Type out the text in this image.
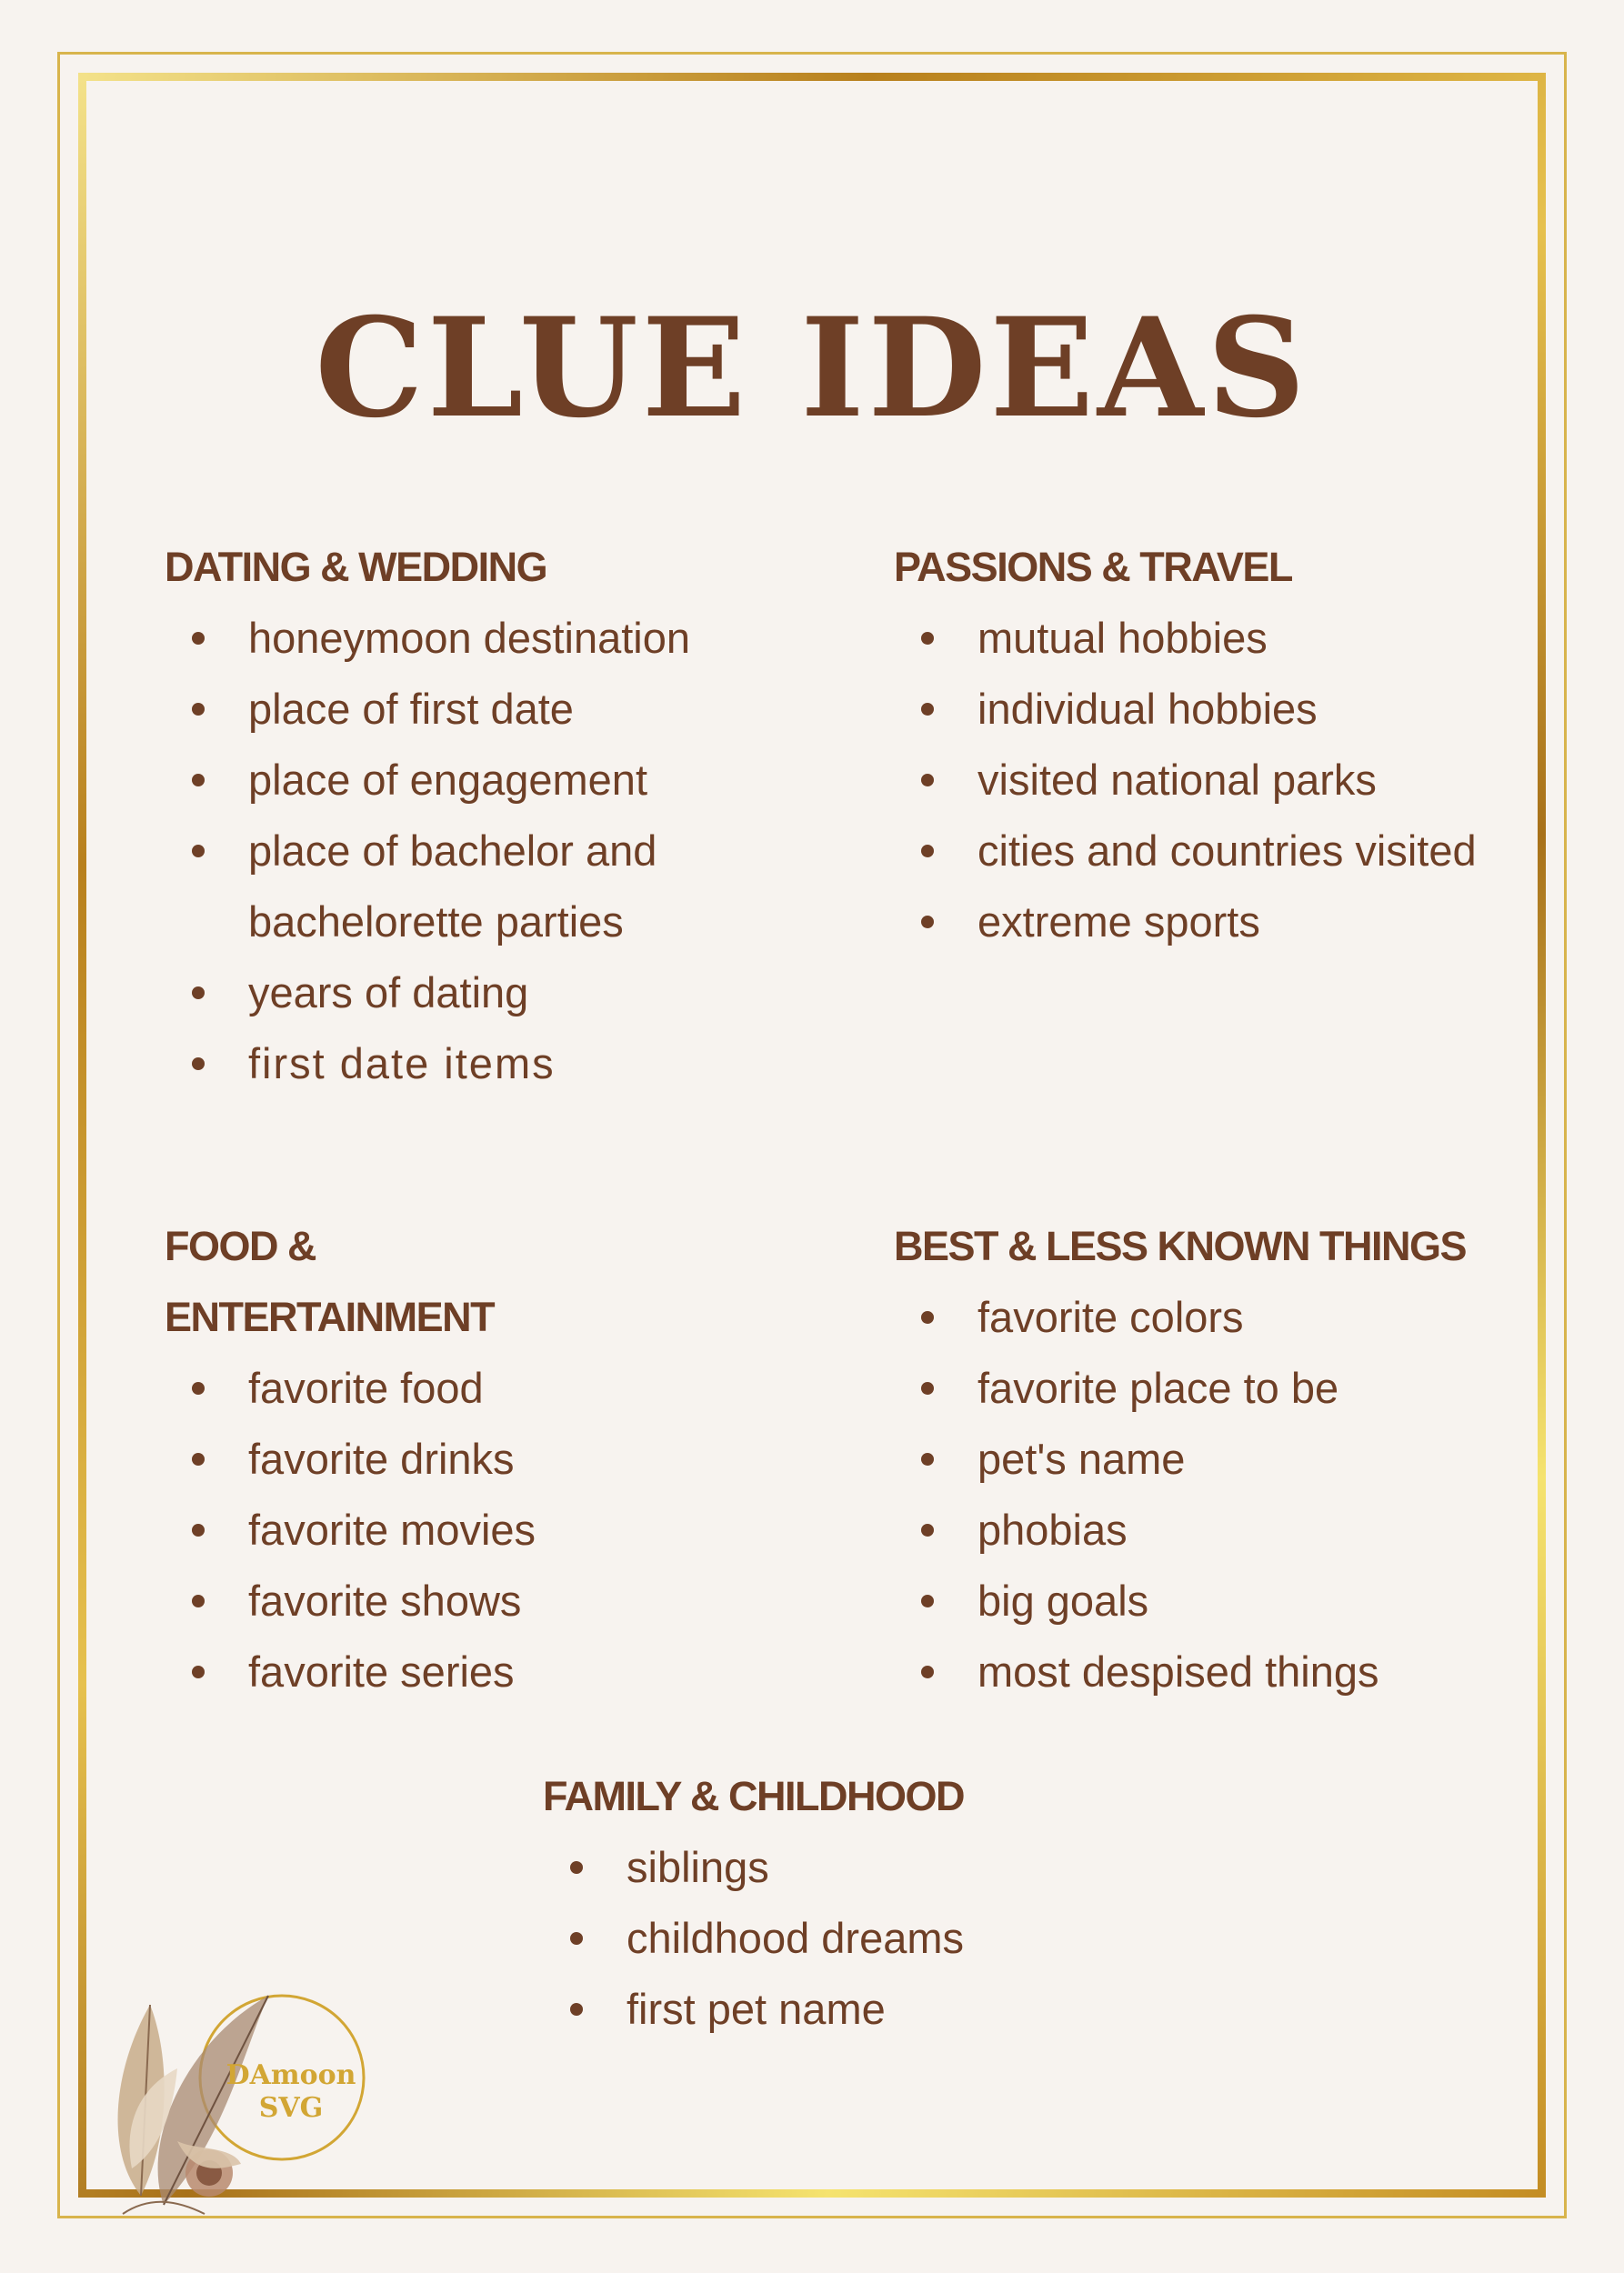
CLUE IDEAS
DATING & WEDDING
honeymoon destination
place of first date
place of engagement
place of bachelor and bachelorette parties
years of dating
first date items
PASSIONS & TRAVEL
mutual hobbies
individual hobbies
visited national parks
cities and countries visited
extreme sports
FOOD & ENTERTAINMENT
favorite food
favorite drinks
favorite movies
favorite shows
favorite series
BEST & LESS KNOWN THINGS
favorite colors
favorite place to be
pet's name
phobias
big goals
most despised things
FAMILY & CHILDHOOD
siblings
childhood dreams
first pet name
DAmoon
SVG
